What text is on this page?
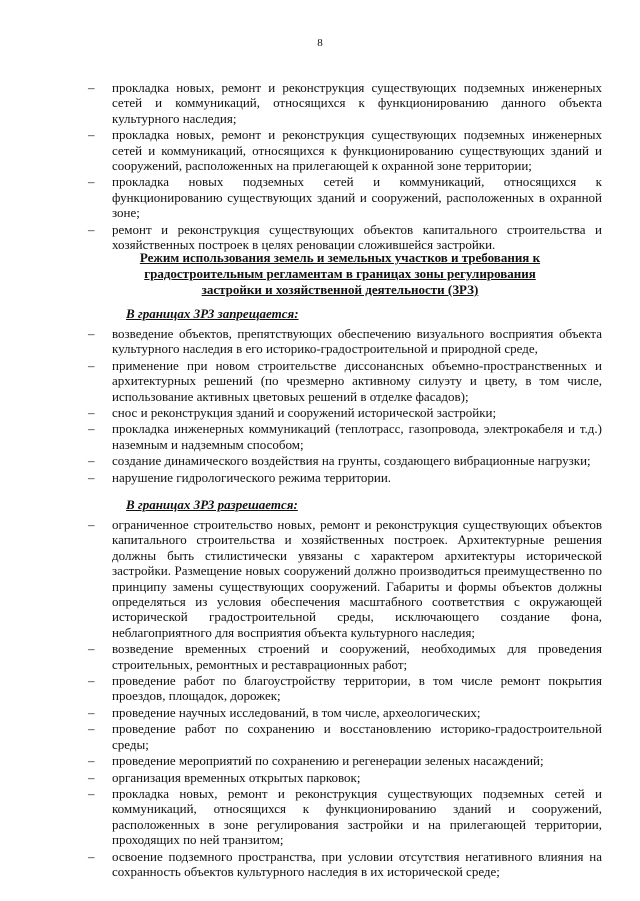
8
–	прокладка новых, ремонт и реконструкция существующих подземных инженерных сетей и коммуникаций, относящихся к функционированию данного объекта культурного наследия;
–	прокладка новых, ремонт и реконструкция существующих подземных инженерных сетей и коммуникаций, относящихся к функционированию существующих зданий и сооружений, расположенных на прилегающей к охранной зоне территории;
–	прокладка новых подземных сетей и коммуникаций, относящихся к функционированию существующих зданий и сооружений, расположенных в охранной зоне;
–	ремонт и реконструкция существующих объектов капитального строительства и хозяйственных построек в целях реновации сложившейся застройки.
Режим использования земель и земельных участков и требования к градостроительным регламентам в границах зоны регулирования застройки и хозяйственной деятельности (ЗРЗ)
В границах ЗРЗ запрещается:
–	возведение объектов, препятствующих обеспечению визуального восприятия объекта культурного наследия в его историко-градостроительной и природной среде,
–	применение при новом строительстве диссонансных объемно-пространственных и архитектурных решений (по чрезмерно активному силуэту и цвету, в том числе, использование активных цветовых решений в отделке фасадов);
–	снос и реконструкция зданий и сооружений исторической застройки;
–	прокладка инженерных коммуникаций (теплотрасс, газопровода, электрокабеля и т.д.) наземным и надземным способом;
–	создание динамического воздействия на грунты, создающего вибрационные нагрузки;
–	нарушение гидрологического режима территории.
В границах ЗРЗ разрешается:
–	ограниченное строительство новых, ремонт и реконструкция существующих объектов капитального строительства и хозяйственных построек. Архитектурные решения должны быть стилистически увязаны с характером архитектуры исторической застройки. Размещение новых сооружений должно производиться преимущественно по принципу замены существующих сооружений. Габариты и формы объектов должны определяться из условия обеспечения масштабного соответствия с окружающей исторической градостроительной среды, исключающего создание фона, неблагоприятного для восприятия объекта культурного наследия;
–	возведение временных строений и сооружений, необходимых для проведения строительных, ремонтных и реставрационных работ;
–	проведение работ по благоустройству территории, в том числе ремонт покрытия проездов, площадок, дорожек;
–	проведение научных исследований, в том числе, археологических;
–	проведение работ по сохранению и восстановлению историко-градостроительной среды;
–	проведение мероприятий по сохранению и регенерации зеленых насаждений;
–	организация временных открытых парковок;
–	прокладка новых, ремонт и реконструкция существующих подземных сетей и коммуникаций, относящихся к функционированию зданий и сооружений, расположенных в зоне регулирования застройки и на прилегающей территории, проходящих по ней транзитом;
–	освоение подземного пространства, при условии отсутствия негативного влияния на сохранность объектов культурного наследия в их исторической среде;
